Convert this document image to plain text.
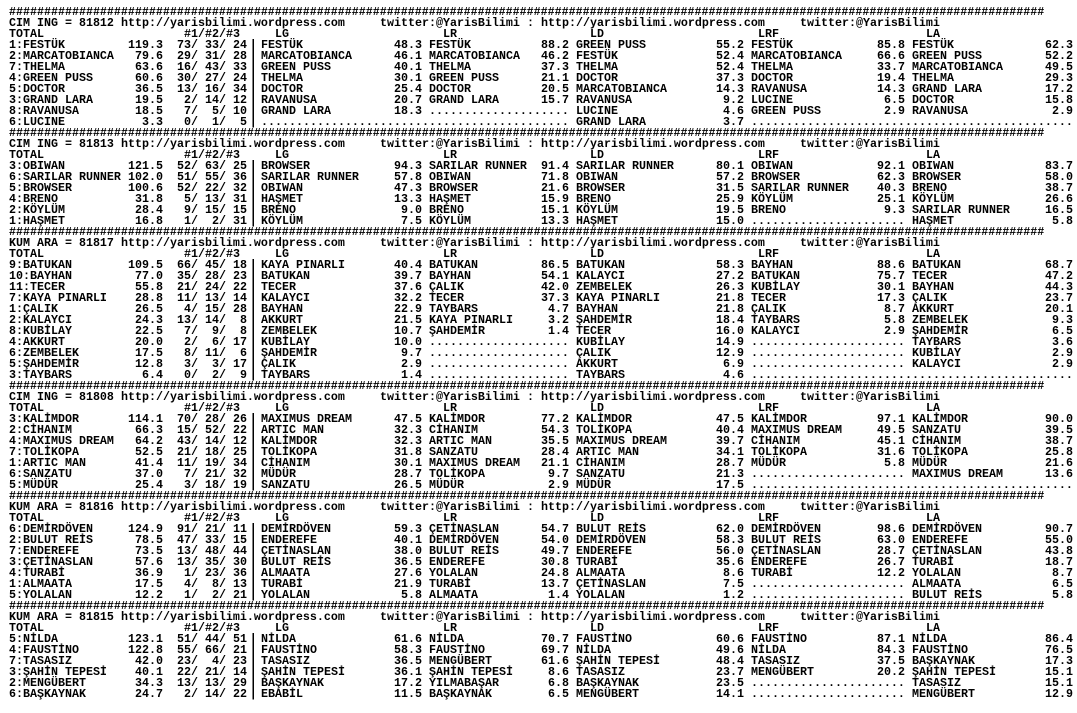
####################################################################################################################################################
CIM ING = 81812 http://yarisbilimi.wordpress.com	twitter:@YarisBilimi : http://yarisbilimi.wordpress.com	twitter:@YarisBilimi
TOTAL	#1/#2/#3	LG	LR	LD	LRF	LA
1:FESTÜK	119.3 73/ 33/ 24 | FESTÜK	48.3 FESTÜK	88.2 GREEN PUSS	55.2 FESTÜK	85.8 FESTÜK	62.3
2:MARCATOBIANCA 79.6 29/ 31/ 28 | MARCATOBIANCA	46.1 MARCATOBIANCA 46.2 FESTÜK	52.4 MARCATOBIANCA	66.6 GREEN PUSS	52.2
7:THELMA	63.6 16/ 43/ 33 | GREEN PUSS	40.1 THELMA	37.3 THELMA	52.4 THELMA	33.7 MARCATOBIANCA	49.5
4:GREEN PUSS	60.6 30/ 27/ 24 | THELMA	30.1 GREEN PUSS	21.1 DOCTOR	37.3 DOCTOR	19.4 THELMA	29.3
5:DOCTOR	36.5 13/ 16/ 34 | DOCTOR	25.4 DOCTOR	20.5 MARCATOBIANCA	14.3 RAVANUSA	14.3 GRAND LARA	17.2
3:GRAND LARA	19.5 2/ 14/ 12 | RAVANUSA	20.7 GRAND LARA	15.7 RAVANUSA	9.2 LUCINE	6.5 DOCTOR	15.8
8:RAVANUSA	18.5 7/  5/ 10 | GRAND LARA	18.3 .................... LUCINE	4.6 GREEN PUSS	2.9 RAVANUSA	2.9
6:LUCINE	3.3 0/  1/  5 | ....................... ..................... GRAND LARA	3.7 ...................... ........................
####################################################################################################################################################
CIM ING = 81813 http://yarisbilimi.wordpress.com	twitter:@YarisBilimi : http://yarisbilimi.wordpress.com	twitter:@YarisBilimi
TOTAL	#1/#2/#3	LG	LR	LD	LRF	LA
3:OBIWAN	121.5 52/ 63/ 25 | BROWSER	94.3 SARILAR RUNNER 91.4 SARILAR RUNNER	80.1 OBIWAN	92.1 OBIWAN	83.7
6:SARILAR RUNNER 102.0 51/ 55/ 36 | SARILAR RUNNER	57.8 OBIWAN	71.8 OBIWAN	57.2 BROWSER	62.3 BROWSER	58.0
5:BROWSER	100.6 52/ 22/ 32 | OBIWAN	47.3 BROWSER	21.6 BROWSER	31.5 SARILAR RUNNER 40.3 BRENO	38.7
4:BRENO	31.8 5/ 13/ 31 | HAŞMET	13.3 HAŞMET	15.9 BRENO	25.9 KÖYLÜM	25.1 KÖYLÜM	26.6
2:KÖYLÜM	28.4 9/ 15/ 15 | BRENO	9.0 BRENO	15.1 KÖYLÜM	19.5 BRENO	9.3 SARILAR RUNNER	16.5
1:HAŞMET	16.8 1/  2/ 31 | KÖYLÜM	7.5 KÖYLÜM	13.3 HAŞMET	15.0 ...................... HAŞMET	5.8
####################################################################################################################################################
KUM ARA = 81817 http://yarisbilimi.wordpress.com	twitter:@YarisBilimi : http://yarisbilimi.wordpress.com	twitter:@YarisBilimi
TOTAL	#1/#2/#3	LG	LR	LD	LRF	LA
9:BATUKAN	109.5 66/ 45/ 18 | KAYA PINARLI	40.4 BATUKAN	86.5 BATUKAN	58.3 BAYHAN	88.6 BATUKAN	68.7
10:BAYHAN	77.0 35/ 28/ 23 | BATUKAN	39.7 BAYHAN	54.1 KALAYCI	27.2 BATUKAN	75.7 TECER	47.2
11:TECER	55.8 21/ 24/ 22 | TECER	37.6 ÇALIK	42.0 ZEMBELEK	26.3 KUBİLAY	30.1 BAYHAN	44.3
7:KAYA PINARLI 28.8 11/ 13/ 14 | KALAYCI	32.2 TECER	37.3 KAYA PINARLI	21.8 TECER	17.3 ÇALIK	23.7
1:ÇALIK	26.5 4/ 15/ 28 | BAYHAN	22.9 TAYBARS	4.7 BAYHAN	21.8 ÇALIK	8.7 AKKURT	20.1
2:KALAYCI	24.3 13/ 14/  8 | AKKURT	21.5 KAYA PINARLI	3.2 ŞAHDEMİR	18.4 TAYBARS	5.8 ZEMBELEK	9.3
8:KUBİLAY	22.5 7/  9/  8 | ZEMBELEK	10.7 ŞAHDEMİR	1.4 TECER	16.0 KALAYCI	2.9 ŞAHDEMİR	6.5
4:AKKURT	20.0 2/  6/ 17 | KUBİLAY	10.0 .................... KUBİLAY	14.9 ...................... TAYBARS	3.6
6:ZEMBELEK	17.5 8/ 11/  6 | ŞAHDEMİR	9.7 .................... ÇALIK	12.9 ...................... KUBİLAY	2.9
5:ŞAHDEMİR	12.8 3/  3/ 17 | ÇALIK	2.9 .................... AKKURT	6.9 ...................... KALAYCI	2.9
3:TAYBARS	6.4 0/  2/  9 | TAYBARS	1.4 .................... TAYBARS	4.6 ...................... ........................
####################################################################################################################################################
CIM ING = 81808 http://yarisbilimi.wordpress.com	twitter:@YarisBilimi : http://yarisbilimi.wordpress.com	twitter:@YarisBilimi
TOTAL	#1/#2/#3	LG	LR	LD	LRF	LA
3:KALİMDOR	114.1 70/ 28/ 26 | MAXIMUS DREAM	47.5 KALİMDOR	77.2 KALİMDOR	47.5 KALİMDOR	97.1 KALİMDOR	90.0
2:CİHANIM	66.3 15/ 52/ 22 | ARTIC MAN	32.3 CİHANIM	54.3 TOLİKOPA	40.4 MAXIMUS DREAM	49.5 SANZATU	39.5
4:MAXIMUS DREAM 64.2 43/ 14/ 12 | KALİMDOR	32.3 ARTIC MAN	35.5 MAXIMUS DREAM	39.7 CİHANIM	45.1 CİHANIM	38.7
7:TOLİKOPA	52.5 21/ 18/ 25 | TOLİKOPA	31.8 SANZATU	28.4 ARTIC MAN	34.1 TOLİKOPA	31.6 TOLİKOPA	25.8
1:ARTIC MAN	41.4 11/ 19/ 34 | CİHANIM	30.1 MAXIMUS DREAM 21.1 CİHANIM	28.7 MÜDÜR	5.8 MÜDÜR	21.6
6:SANZATU	37.0 7/ 21/ 32 | MÜDÜR	28.7 TOLİKOPA	9.7 SANZATU	21.3 ...................... MAXIMUS DREAM	13.6
5:MÜDÜR	25.4 3/ 18/ 19 | SANZATU	26.5 MÜDÜR	2.9 MÜDÜR	17.5 ...................... ........................
####################################################################################################################################################
KUM ARA = 81816 http://yarisbilimi.wordpress.com	twitter:@YarisBilimi : http://yarisbilimi.wordpress.com	twitter:@YarisBilimi
TOTAL	#1/#2/#3	LG	LR	LD	LRF	LA
6:DEMİRDÖVEN	124.9 91/ 21/ 11 | DEMİRDÖVEN	59.3 ÇETİNASLAN	54.7 BULUT REİS	62.0 DEMİRDÖVEN	98.6 DEMİRDÖVEN	90.7
2:BULUT REİS	78.5 47/ 33/ 15 | ENDEREFE	40.1 DEMİRDÖVEN	54.0 DEMİRDÖVEN	58.3 BULUT REİS	63.0 ENDEREFE	55.0
7:ENDEREFE	73.5 13/ 48/ 44 | ÇETİNASLAN	38.0 BULUT REİS	49.7 ENDEREFE	56.0 ÇETİNASLAN	28.7 ÇETİNASLAN	43.8
3:ÇETİNASLAN	57.6 13/ 35/ 30 | BULUT REİS	36.5 ENDEREFE	30.8 TURABİ	35.6 ENDEREFE	26.7 TURABİ	18.7
4:TURABİ	36.9 1/ 23/ 36 | ALMAATA	27.6 YOLALAN	24.8 ALMAATA	8.6 TURABİ	12.2 YOLALAN	8.7
1:ALMAATA	17.5 4/  8/ 13 | TURABİ	21.9 TURABİ	13.7 ÇETİNASLAN	7.5 ...................... ALMAATA	6.5
5:YOLALAN	12.2 1/  2/ 21 | YOLALAN	5.8 ALMAATA	1.4 YOLALAN	1.2 ...................... BULUT REİS	5.8
####################################################################################################################################################
KUM ARA = 81815 http://yarisbilimi.wordpress.com	twitter:@YarisBilimi : http://yarisbilimi.wordpress.com	twitter:@YarisBilimi
TOTAL	#1/#2/#3	LG	LR	LD	LRF	LA
5:NİLDA	123.1 51/ 44/ 51 | NİLDA	61.6 NİLDA	70.7 FAUSTİNO	60.6 FAUSTİNO	87.1 NİLDA	86.4
4:FAUSTİNO	122.8 55/ 66/ 21 | FAUSTİNO	58.3 FAUSTİNO	69.7 NİLDA	49.6 NİLDA	84.3 FAUSTİNO	76.5
7:TASASIZ	42.0 23/  4/ 23 | TASASIZ	36.5 MENGÜBERT	61.6 ŞAHİN TEPESİ	48.4 TASASIZ	37.5 BAŞKAYNAK	17.3
3:ŞAHİN TEPESİ 40.1 22/ 21/ 14 | ŞAHİN TEPESİ	36.1 ŞAHİN TEPESİ	8.6 TASASIZ	23.7 MENGÜBERT	20.2 ŞAHİN TEPESİ	15.1
2:MENGÜBERT	34.3 13/ 13/ 29 | BAŞKAYNAK	17.2 YILMABAŞAR	6.8 BAŞKAYNAK	23.5 ...................... TASASIZ	15.1
6:BAŞKAYNAK	24.7 2/ 14/ 22 | EBABİL	11.5 BAŞKAYNAK	6.5 MENGÜBERT	14.1 ...................... MENGÜBERT	12.9
